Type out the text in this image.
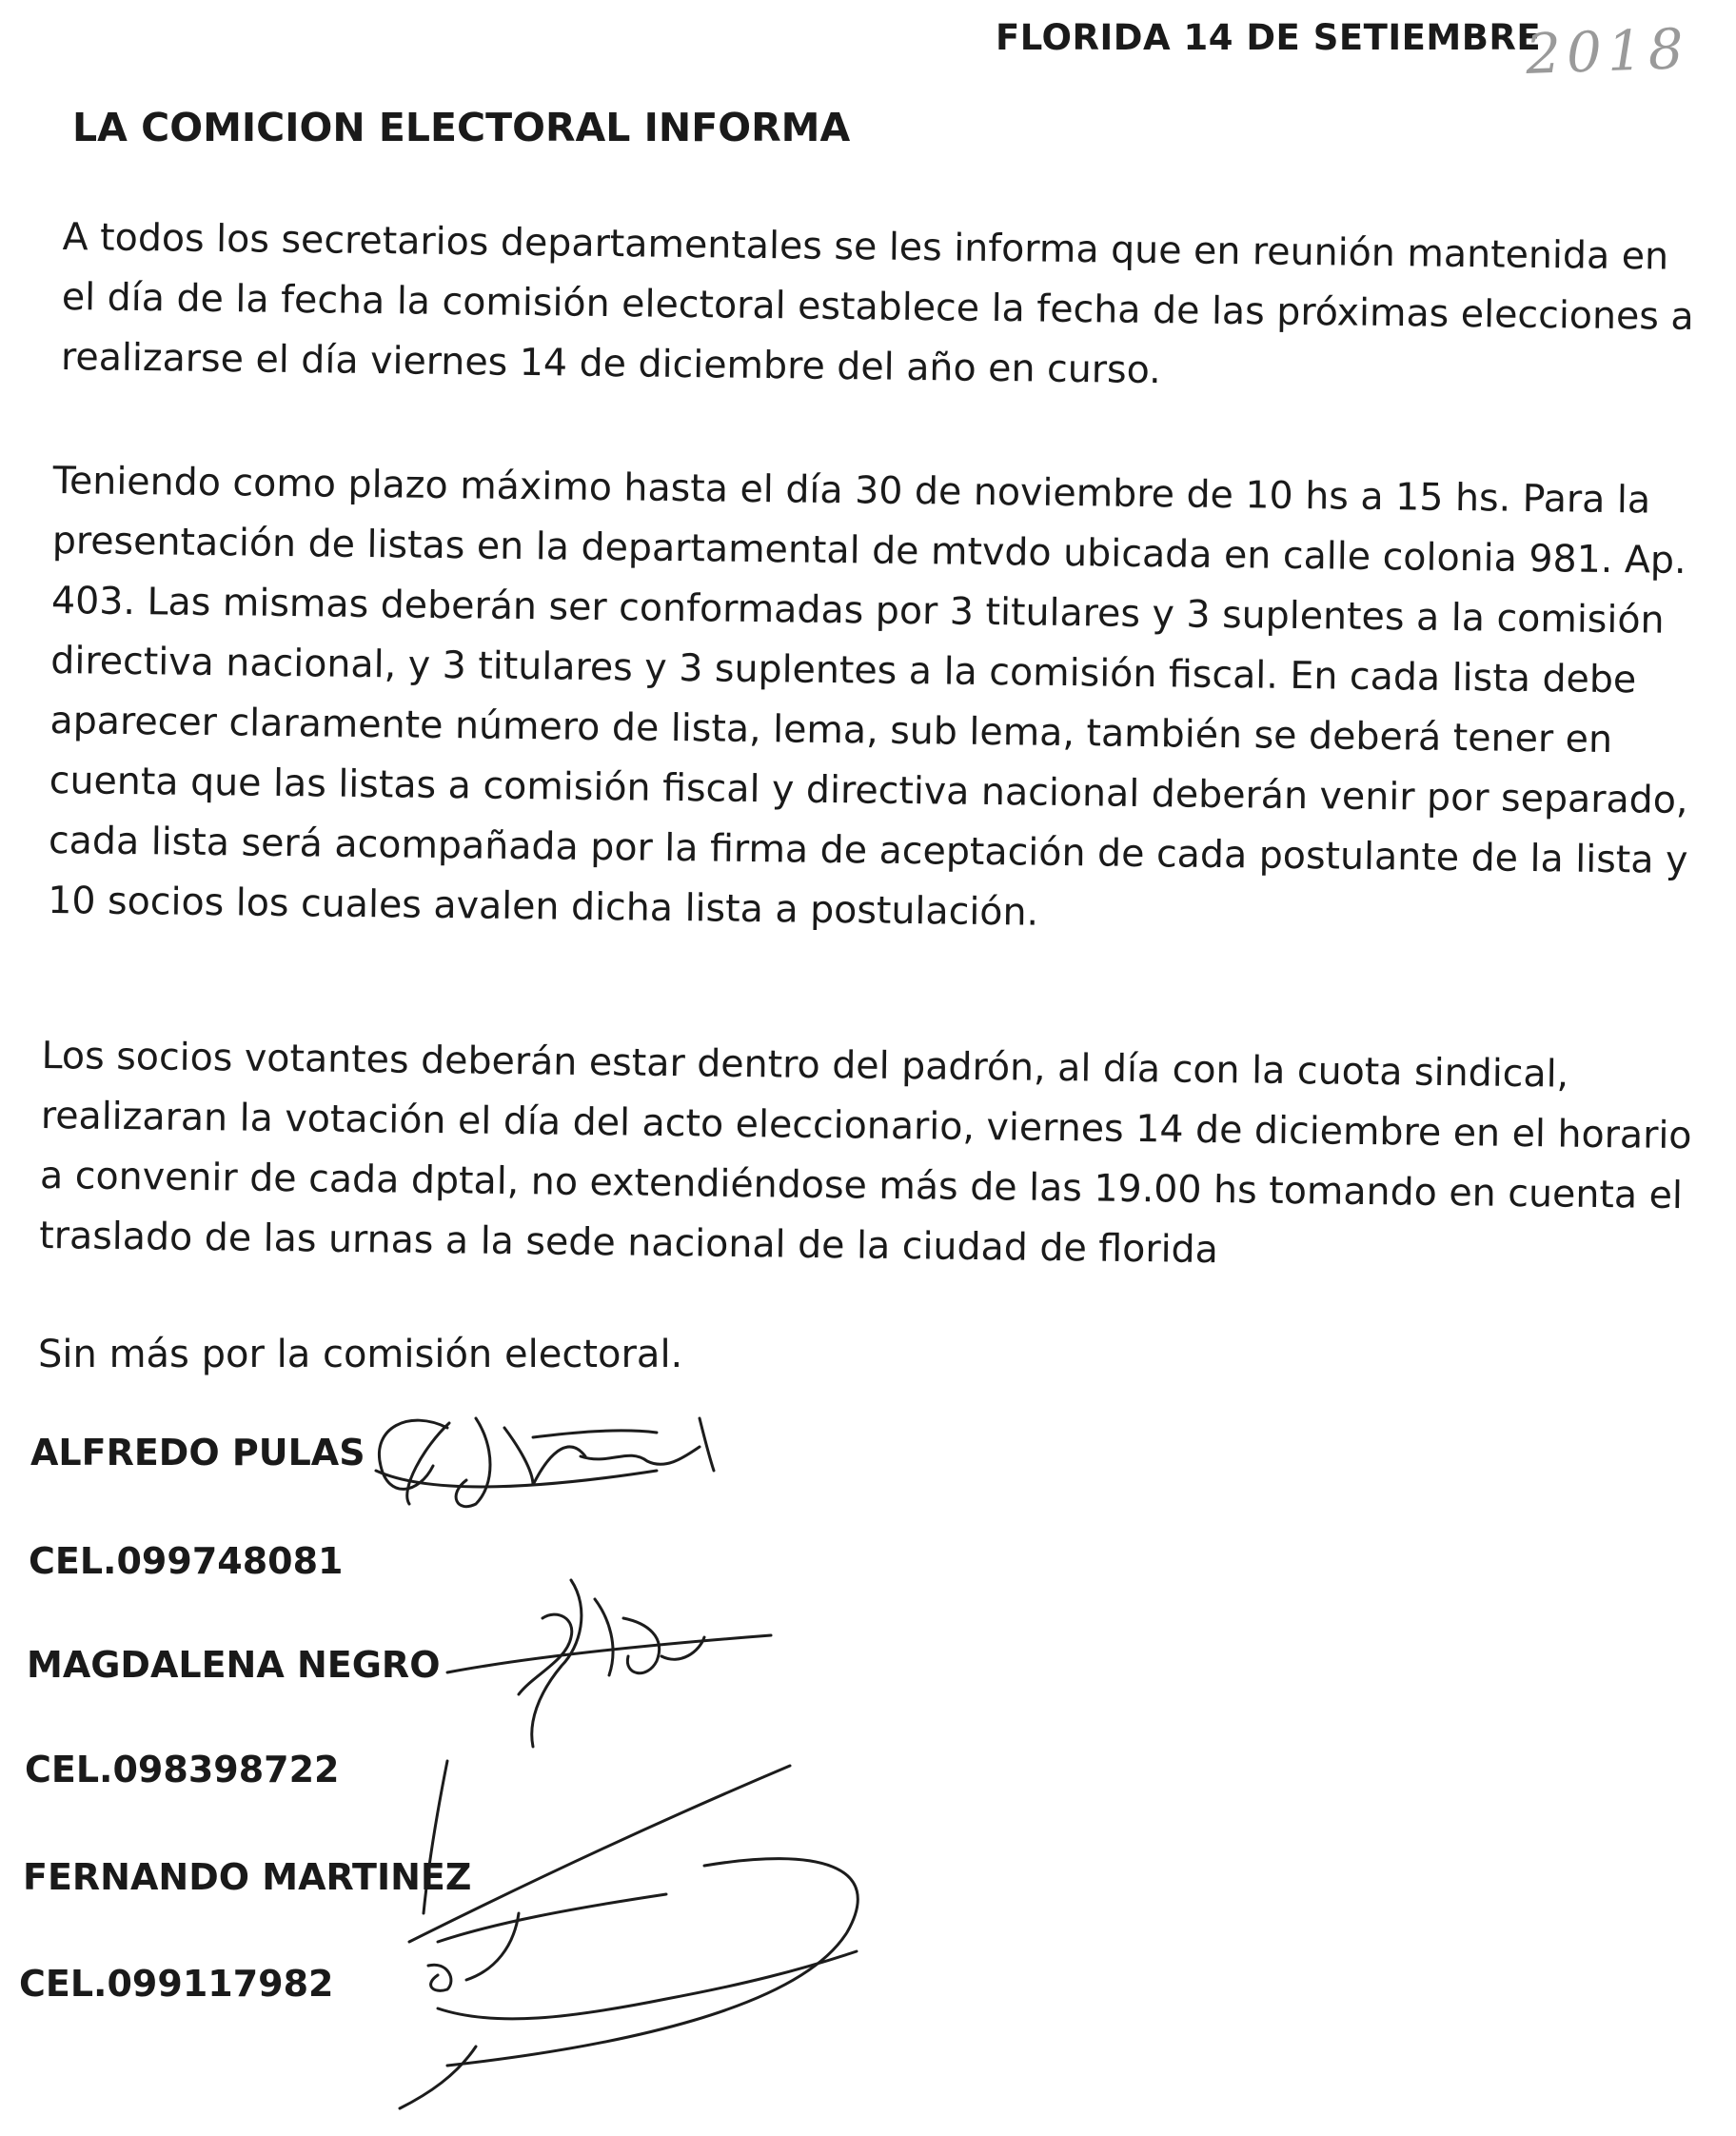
FLORIDA 14 DE SETIEMBRE
2018
LA COMICION ELECTORAL INFORMA

A todos los secretarios departamentales se les informa que en reunión mantenida en
el día de la fecha la comisión electoral establece la fecha de las próximas elecciones a
realizarse el día viernes 14 de diciembre del año en curso.

Teniendo como plazo máximo hasta el día 30 de noviembre de 10 hs a 15 hs. Para la
presentación de listas en la departamental de mtvdo ubicada en calle colonia 981. Ap.
403. Las mismas deberán ser conformadas por 3 titulares y 3 suplentes a la comisión
directiva nacional, y 3 titulares y 3 suplentes a la comisión fiscal. En cada lista debe
aparecer claramente número de lista, lema, sub lema, también se deberá tener en
cuenta que las listas a comisión fiscal y directiva nacional deberán venir por separado,
cada lista será acompañada por la firma de aceptación de cada postulante de la lista y
10 socios los cuales avalen dicha lista a postulación.

Los socios votantes deberán estar dentro del padrón, al día con la cuota sindical,
realizaran la votación el día del acto eleccionario, viernes 14 de diciembre en el horario
a convenir de cada dptal, no extendiéndose más de las 19.00 hs tomando en cuenta el
traslado de las urnas a la sede nacional de la ciudad de florida

Sin más por la comisión electoral.
ALFREDO PULAS
CEL.099748081
MAGDALENA NEGRO
CEL.098398722
FERNANDO MARTINEZ
CEL.099117982
